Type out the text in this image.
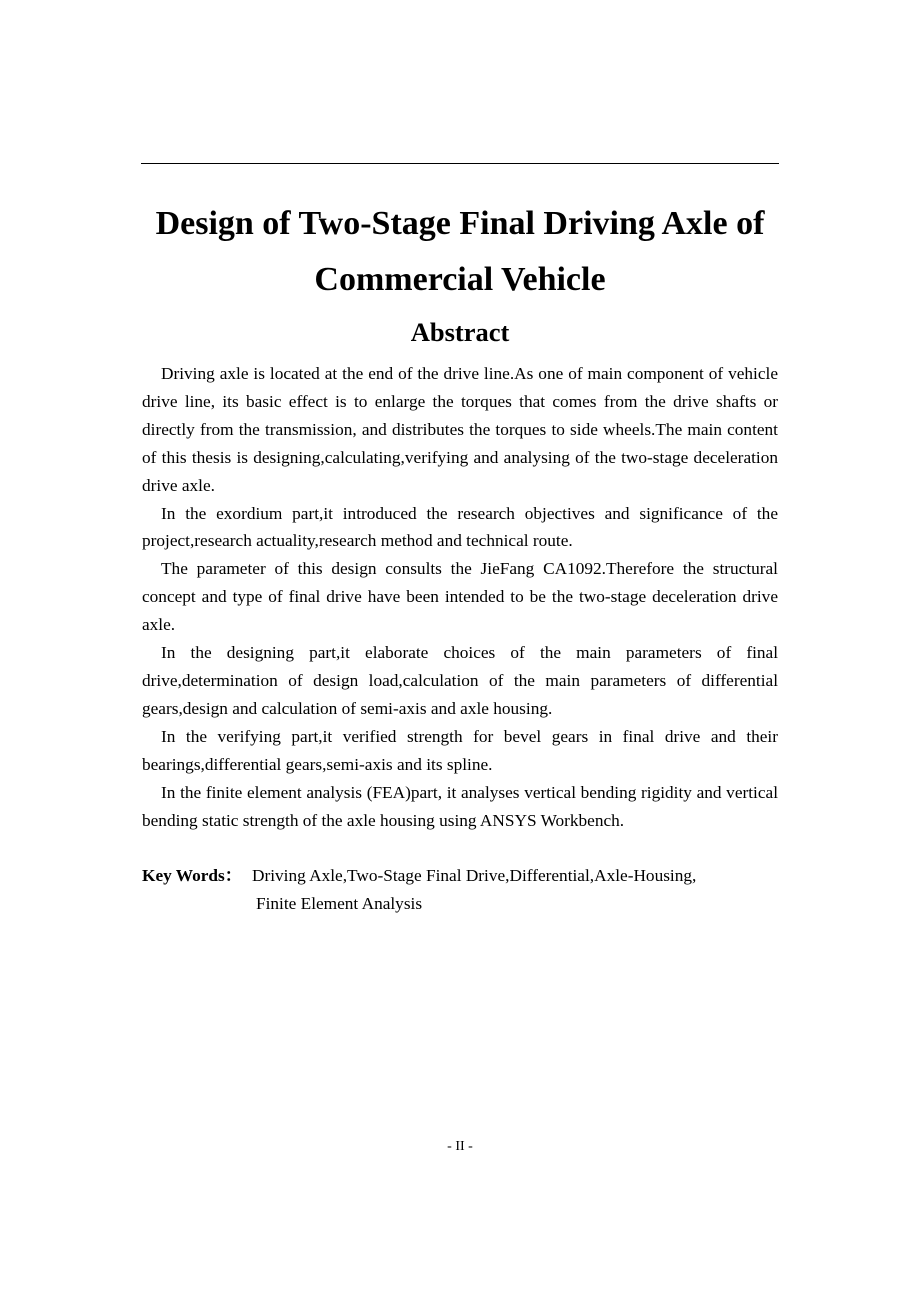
Design of Two-Stage Final Driving Axle of
Commercial Vehicle
Abstract

Driving axle is located at the end of the drive line.As one of main component of vehicle drive line, its basic effect is to enlarge the torques that comes from the drive shafts or directly from the transmission, and distributes the torques to side wheels.The main content of this thesis is designing,calculating,verifying and analysing of the two-stage deceleration drive axle.

In the exordium part,it introduced the research objectives and significance of the project,research actuality,research method and technical route.

The parameter of this design consults the JieFang CA1092.Therefore the structural concept and type of final drive have been intended to be the two-stage deceleration drive axle.

In the designing part,it elaborate choices of the main parameters of final drive,determination of design load,calculation of the main parameters of differential gears,design and calculation of semi-axis and axle housing.

In the verifying part,it verified strength for bevel gears in final drive and their bearings,differential gears,semi-axis and its spline.

In the finite element analysis (FEA)part, it analyses vertical bending rigidity and vertical bending static strength of the axle housing using ANSYS Workbench.

Key Words： Driving Axle,Two-Stage Final Drive,Differential,Axle-Housing,
Finite Element Analysis
- II -
